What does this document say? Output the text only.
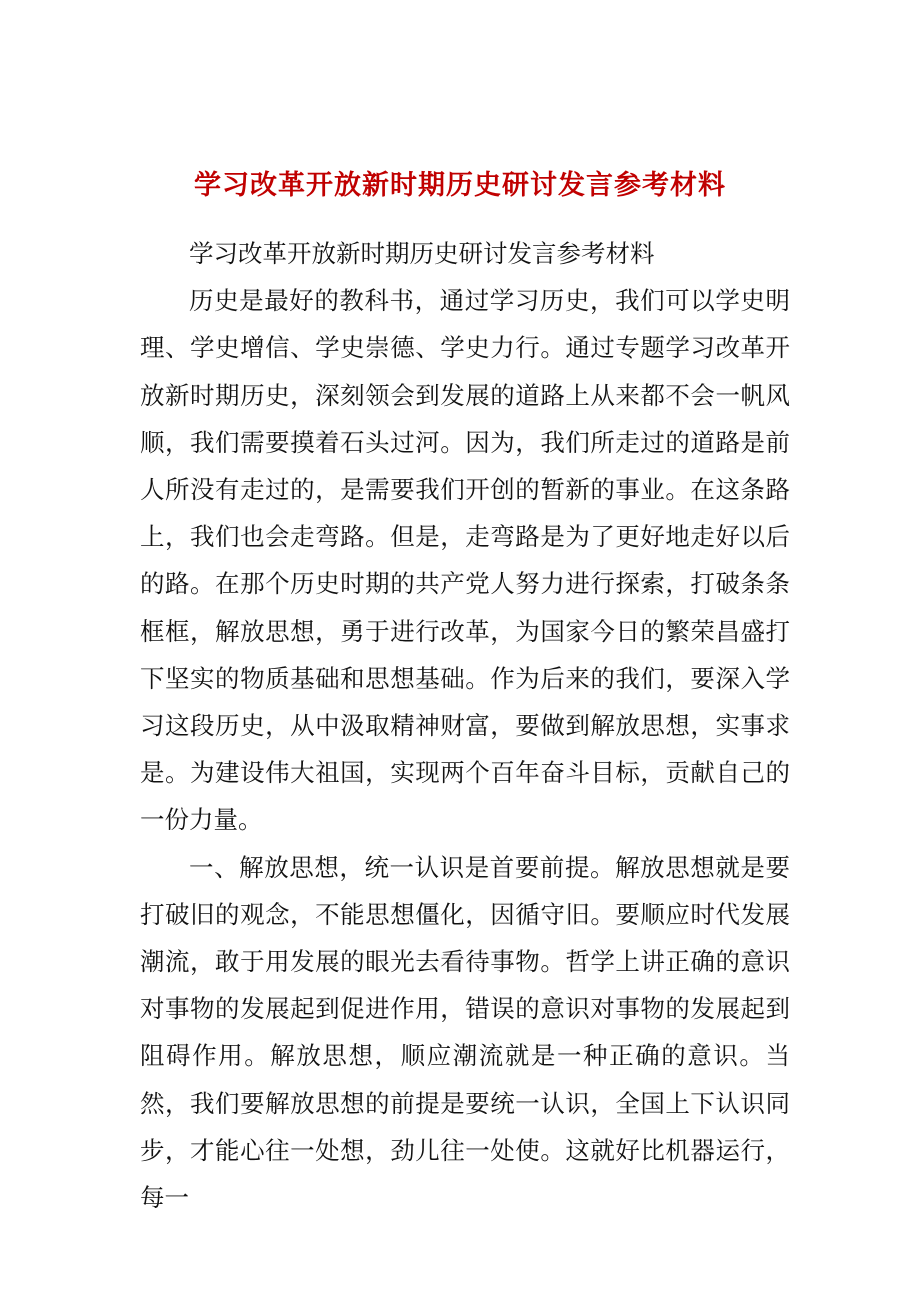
学习改革开放新时期历史研讨发言参考材料

学习改革开放新时期历史研讨发言参考材料

历史是最好的教科书，通过学习历史，我们可以学史明理、学史增信、学史崇德、学史力行。通过专题学习改革开放新时期历史，深刻领会到发展的道路上从来都不会一帆风顺，我们需要摸着石头过河。因为，我们所走过的道路是前人所没有走过的，是需要我们开创的暂新的事业。在这条路上，我们也会走弯路。但是，走弯路是为了更好地走好以后的路。在那个历史时期的共产党人努力进行探索，打破条条框框，解放思想，勇于进行改革，为国家今日的繁荣昌盛打下坚实的物质基础和思想基础。作为后来的我们，要深入学习这段历史，从中汲取精神财富，要做到解放思想，实事求是。为建设伟大祖国，实现两个百年奋斗目标，贡献自己的一份力量。

一、解放思想，统一认识是首要前提。解放思想就是要打破旧的观念，不能思想僵化，因循守旧。要顺应时代发展潮流，敢于用发展的眼光去看待事物。哲学上讲正确的意识对事物的发展起到促进作用，错误的意识对事物的发展起到阻碍作用。解放思想，顺应潮流就是一种正确的意识。当然，我们要解放思想的前提是要统一认识，全国上下认识同步，才能心往一处想，劲儿往一处使。这就好比机器运行，每一
